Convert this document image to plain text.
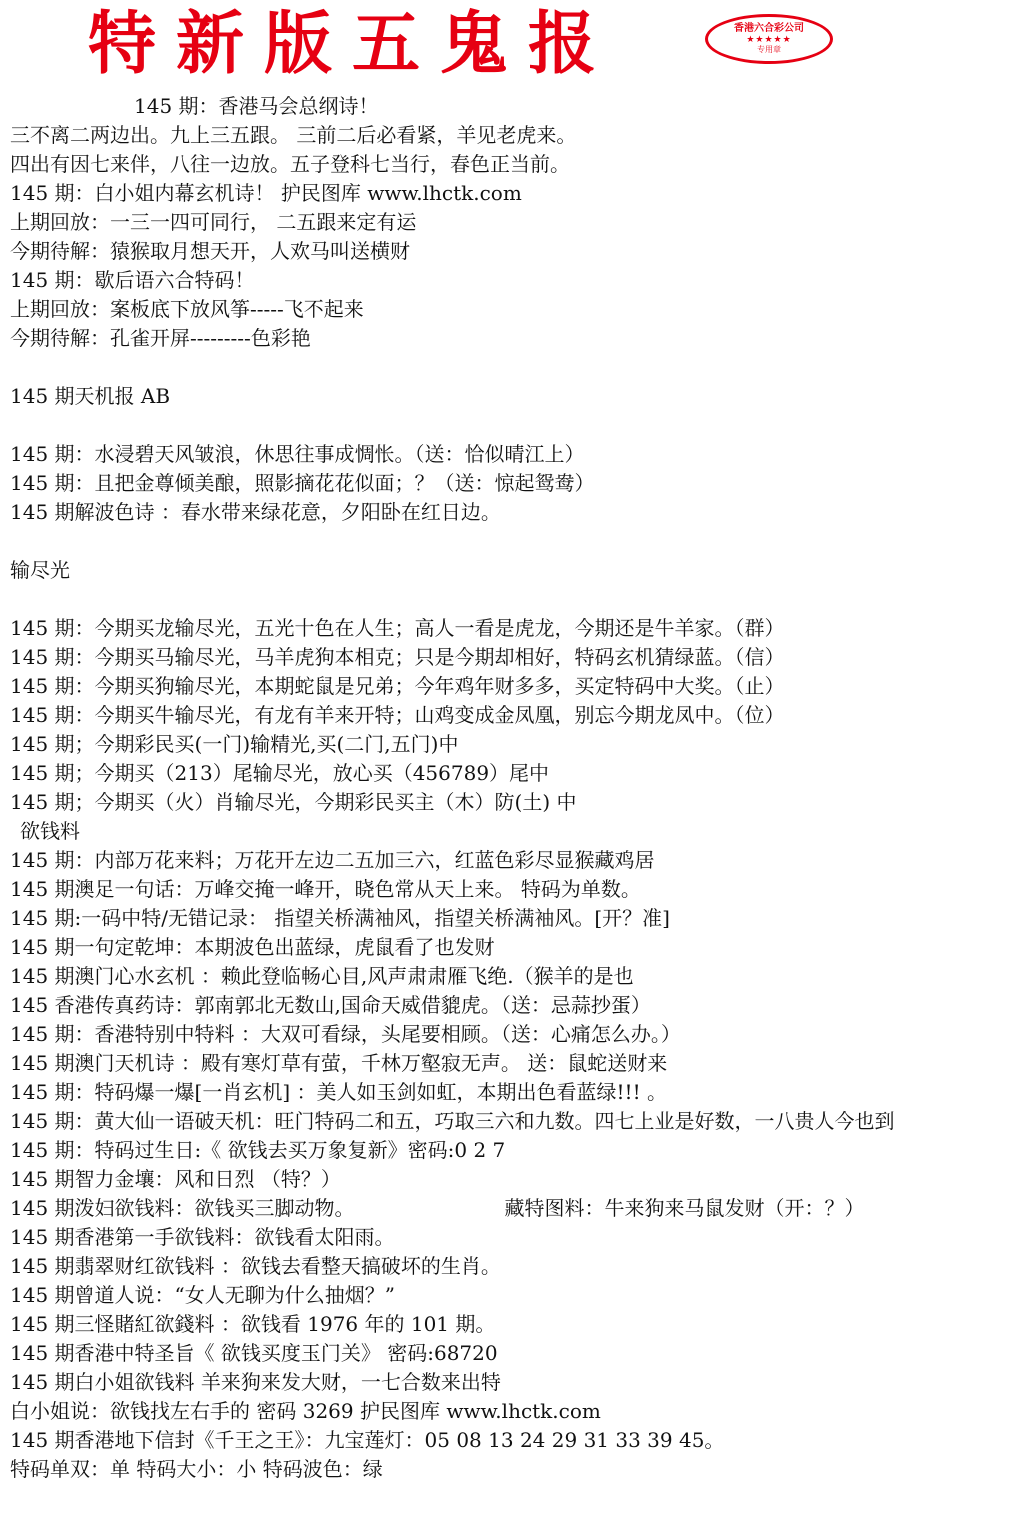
特新版五鬼报	香港六合彩公司
★★★★★
专用章
145 期：香港马会总纲诗！
三不离二两边出。九上三五跟。 三前二后必看紧，羊见老虎来。
四出有因七来伴，八往一边放。五子登科七当行，春色正当前。
145 期：白小姐内幕玄机诗！ 护民图库 www.lhctk.com
上期回放：一三一四可同行， 二五跟来定有运
今期待解：猿猴取月想天开，人欢马叫送横财
145 期：歇后语六合特码！
上期回放：案板底下放风筝-----飞不起来
今期待解：孔雀开屏---------色彩艳
145 期天机报 AB
145 期：水浸碧天风皱浪，休思往事成惆怅。（送：恰似晴江上）
145 期：且把金尊倾美酿，照影摘花花似面；？（送：惊起鸳鸯）
145 期解波色诗 ：春水带来绿花意，夕阳卧在红日边。
输尽光
145 期：今期买龙输尽光，五光十色在人生；高人一看是虎龙，今期还是牛羊家。（群）
145 期：今期买马输尽光，马羊虎狗本相克；只是今期却相好，特码玄机猜绿蓝。（信）
145 期：今期买狗输尽光，本期蛇鼠是兄弟；今年鸡年财多多，买定特码中大奖。（止）
145 期：今期买牛输尽光，有龙有羊来开特；山鸡变成金凤凰，别忘今期龙凤中。（位）
145 期；今期彩民买(一门)输精光,买(二门,五门)中
145 期；今期买（213）尾输尽光，放心买（456789）尾中
145 期；今期买（火）肖输尽光，今期彩民买主（木）防(土) 中
欲钱料
145 期：内部万花来料；万花开左边二五加三六，红蓝色彩尽显猴藏鸡居
145 期澳足一句话：万峰交掩一峰开，晓色常从天上来。 特码为单数。
145 期:一码中特/无错记录： 指望关桥满袖风，指望关桥满袖风。[开？准]
145 期一句定乾坤：本期波色出蓝绿，虎鼠看了也发财
145 期澳门心水玄机 ：赖此登临畅心目,风声肃肃雁飞绝.（猴羊的是也
145 香港传真药诗：郭南郭北无数山,国命天威借貔虎。（送：忌蒜抄蛋）
145 期：香港特别中特料 ：大双可看绿，头尾要相顾。（送：心痛怎么办。）
145 期澳门天机诗 ：殿有寒灯草有萤，千林万壑寂无声。 送：鼠蛇送财来
145 期：特码爆一爆[一肖玄机] ：美人如玉剑如虹，本期出色看蓝绿!!! 。
145 期：黄大仙一语破天机：旺门特码二和五，巧取三六和九数。四七上业是好数，一八贵人今也到
145 期：特码过生日:《 欲钱去买万象复新》密码:0 2 7
145 期智力金壤：风和日烈 （特？）
145 期泼妇欲钱料：欲钱买三脚动物。	藏特图料：牛来狗来马鼠发财（开：？）
145 期香港第一手欲钱料：欲钱看太阳雨。
145 期翡翠财红欲钱料 ：欲钱去看整天搞破坏的生肖。
145 期曾道人说：“女人无聊为什么抽烟？”
145 期三怪賭紅欲錢料 ：欲钱看 1976 年的 101 期。
145 期香港中特圣旨《 欲钱买度玉门关》 密码:68720
145 期白小姐欲钱料 羊来狗来发大财，一七合数来出特
白小姐说：欲钱找左右手的 密码 3269 护民图库 www.lhctk.com
145 期香港地下信封《千王之王》：九宝莲灯：05 08 13 24 29 31 33 39 45。
特码单双：单 特码大小：小 特码波色：绿
